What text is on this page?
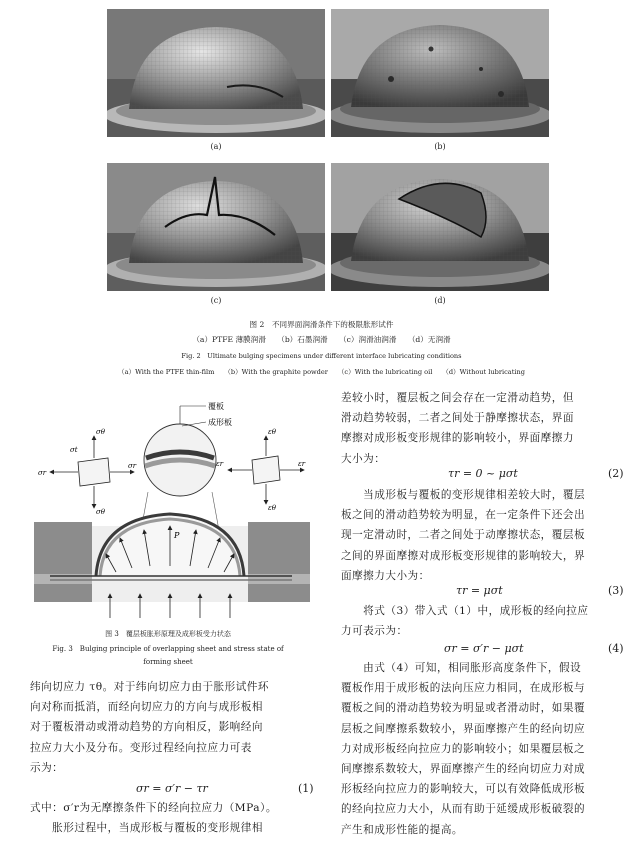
(a)	(b)
(c)	(d)
图 2　不同界面润滑条件下的极限胀形试件
（a）PTFE 薄膜润滑　　（b）石墨润滑　　（c）润滑油润滑　　（d）无润滑
Fig. 2　Ultimate bulging specimens under different interface lubricating conditions
（a）With the PTFE thin-film　　（b）With the graphite powder　　（c）With the lubricating oil　　（d）Without lubricating
σr
σr
σθ
σθ
σt
覆板
成形板
εr	εr
εθ
εθ
P
图 3　覆层板胀形原理及成形板受力状态
Fig. 3　Bulging principle of overlapping sheet and stress state of
forming sheet
纬向切应力 τθ。对于纬向切应力由于胀形试件环
向对称而抵消，而经向切应力的方向与成形板相
对于覆板滑动或滑动趋势的方向相反，影响经向
拉应力大小及分布。变形过程经向拉应力可表
示为：
σr = σ′r − τr	(1)
式中：σ′r为无摩擦条件下的经向拉应力（MPa）。
　　胀形过程中，当成形板与覆板的变形规律相
差较小时，覆层板之间会存在一定滑动趋势，但
滑动趋势较弱，二者之间处于静摩擦状态，界面
摩擦对成形板变形规律的影响较小，界面摩擦力
大小为：
τr = 0 ~ μσt	(2)
　　当成形板与覆板的变形规律相差较大时，覆层
板之间的滑动趋势较为明显，在一定条件下还会出
现一定滑动时，二者之间处于动摩擦状态，覆层板
之间的界面摩擦对成形板变形规律的影响较大，界
面摩擦力大小为：
τr = μσt	(3)
　　将式（3）带入式（1）中，成形板的经向拉应
力可表示为：
σr = σ′r − μσt	(4)
　　由式（4）可知，相同胀形高度条件下，假设
覆板作用于成形板的法向压应力相同，在成形板与
覆板之间的滑动趋势较为明显或者滑动时，如果覆
层板之间摩擦系数较小，界面摩擦产生的经向切应
力对成形板经向拉应力的影响较小；如果覆层板之
间摩擦系数较大，界面摩擦产生的经向切应力对成
形板经向拉应力的影响较大，可以有效降低成形板
的经向拉应力大小，从而有助于延缓成形板破裂的
产生和成形性能的提高。
